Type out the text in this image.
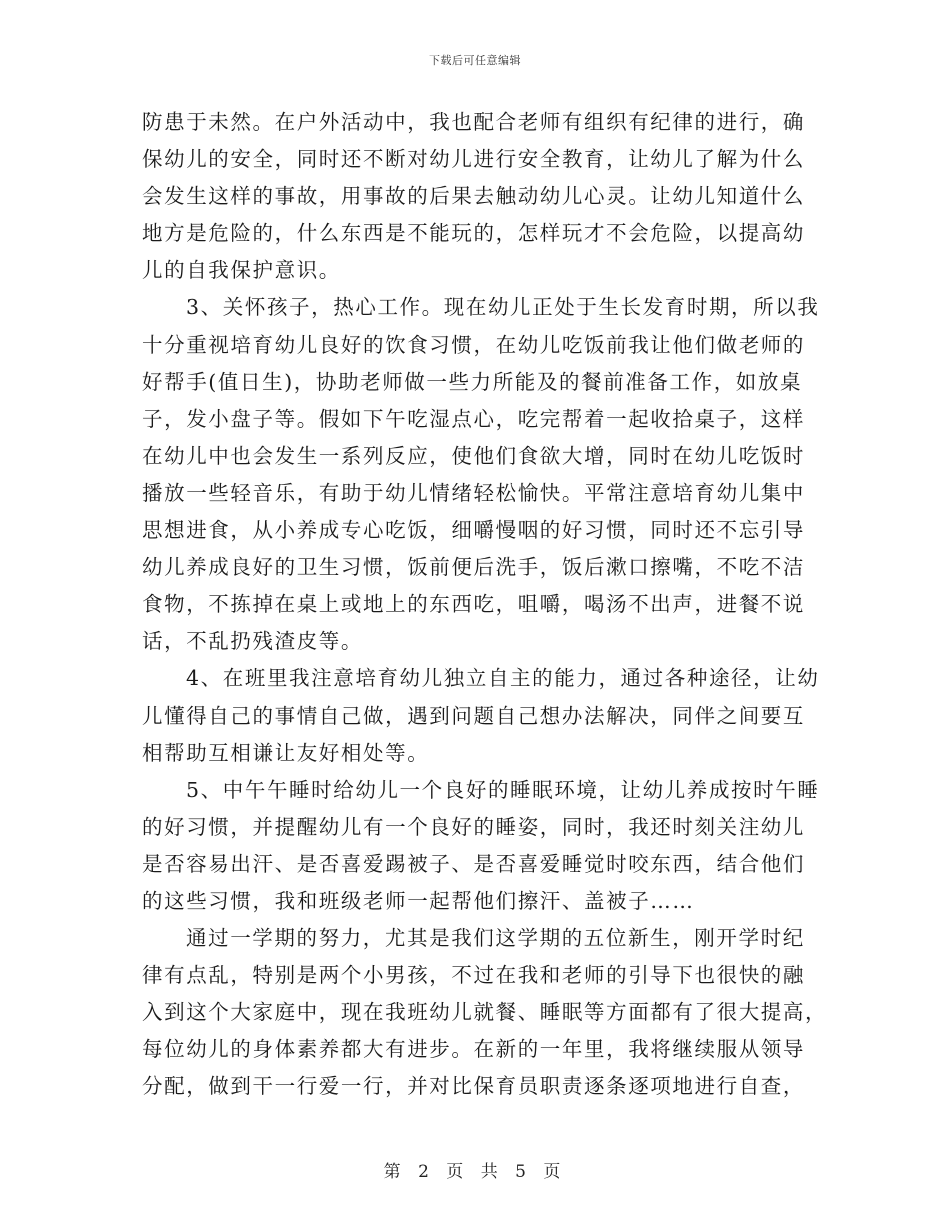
下载后可任意编辑
防患于未然。在户外活动中，我也配合老师有组织有纪律的进行，确
保幼儿的安全，同时还不断对幼儿进行安全教育，让幼儿了解为什么
会发生这样的事故，用事故的后果去触动幼儿心灵。让幼儿知道什么
地方是危险的，什么东西是不能玩的，怎样玩才不会危险，以提高幼
儿的自我保护意识。
3、关怀孩子，热心工作。现在幼儿正处于生长发育时期，所以我
十分重视培育幼儿良好的饮食习惯，在幼儿吃饭前我让他们做老师的
好帮手(值日生)，协助老师做一些力所能及的餐前准备工作，如放桌
子，发小盘子等。假如下午吃湿点心，吃完帮着一起收拾桌子，这样
在幼儿中也会发生一系列反应，使他们食欲大增，同时在幼儿吃饭时
播放一些轻音乐，有助于幼儿情绪轻松愉快。平常注意培育幼儿集中
思想进食，从小养成专心吃饭，细嚼慢咽的好习惯，同时还不忘引导
幼儿养成良好的卫生习惯，饭前便后洗手，饭后漱口擦嘴，不吃不洁
食物，不拣掉在桌上或地上的东西吃，咀嚼，喝汤不出声，进餐不说
话，不乱扔残渣皮等。
4、在班里我注意培育幼儿独立自主的能力，通过各种途径，让幼
儿懂得自己的事情自己做，遇到问题自己想办法解决，同伴之间要互
相帮助互相谦让友好相处等。
5、中午午睡时给幼儿一个良好的睡眠环境，让幼儿养成按时午睡
的好习惯，并提醒幼儿有一个良好的睡姿，同时，我还时刻关注幼儿
是否容易出汗、是否喜爱踢被子、是否喜爱睡觉时咬东西，结合他们
的这些习惯，我和班级老师一起帮他们擦汗、盖被子……
通过一学期的努力，尤其是我们这学期的五位新生，刚开学时纪
律有点乱，特别是两个小男孩，不过在我和老师的引导下也很快的融
入到这个大家庭中，现在我班幼儿就餐、睡眠等方面都有了很大提高，
每位幼儿的身体素养都大有进步。在新的一年里，我将继续服从领导
分配，做到干一行爱一行，并对比保育员职责逐条逐项地进行自查，
第 2 页 共 5 页
